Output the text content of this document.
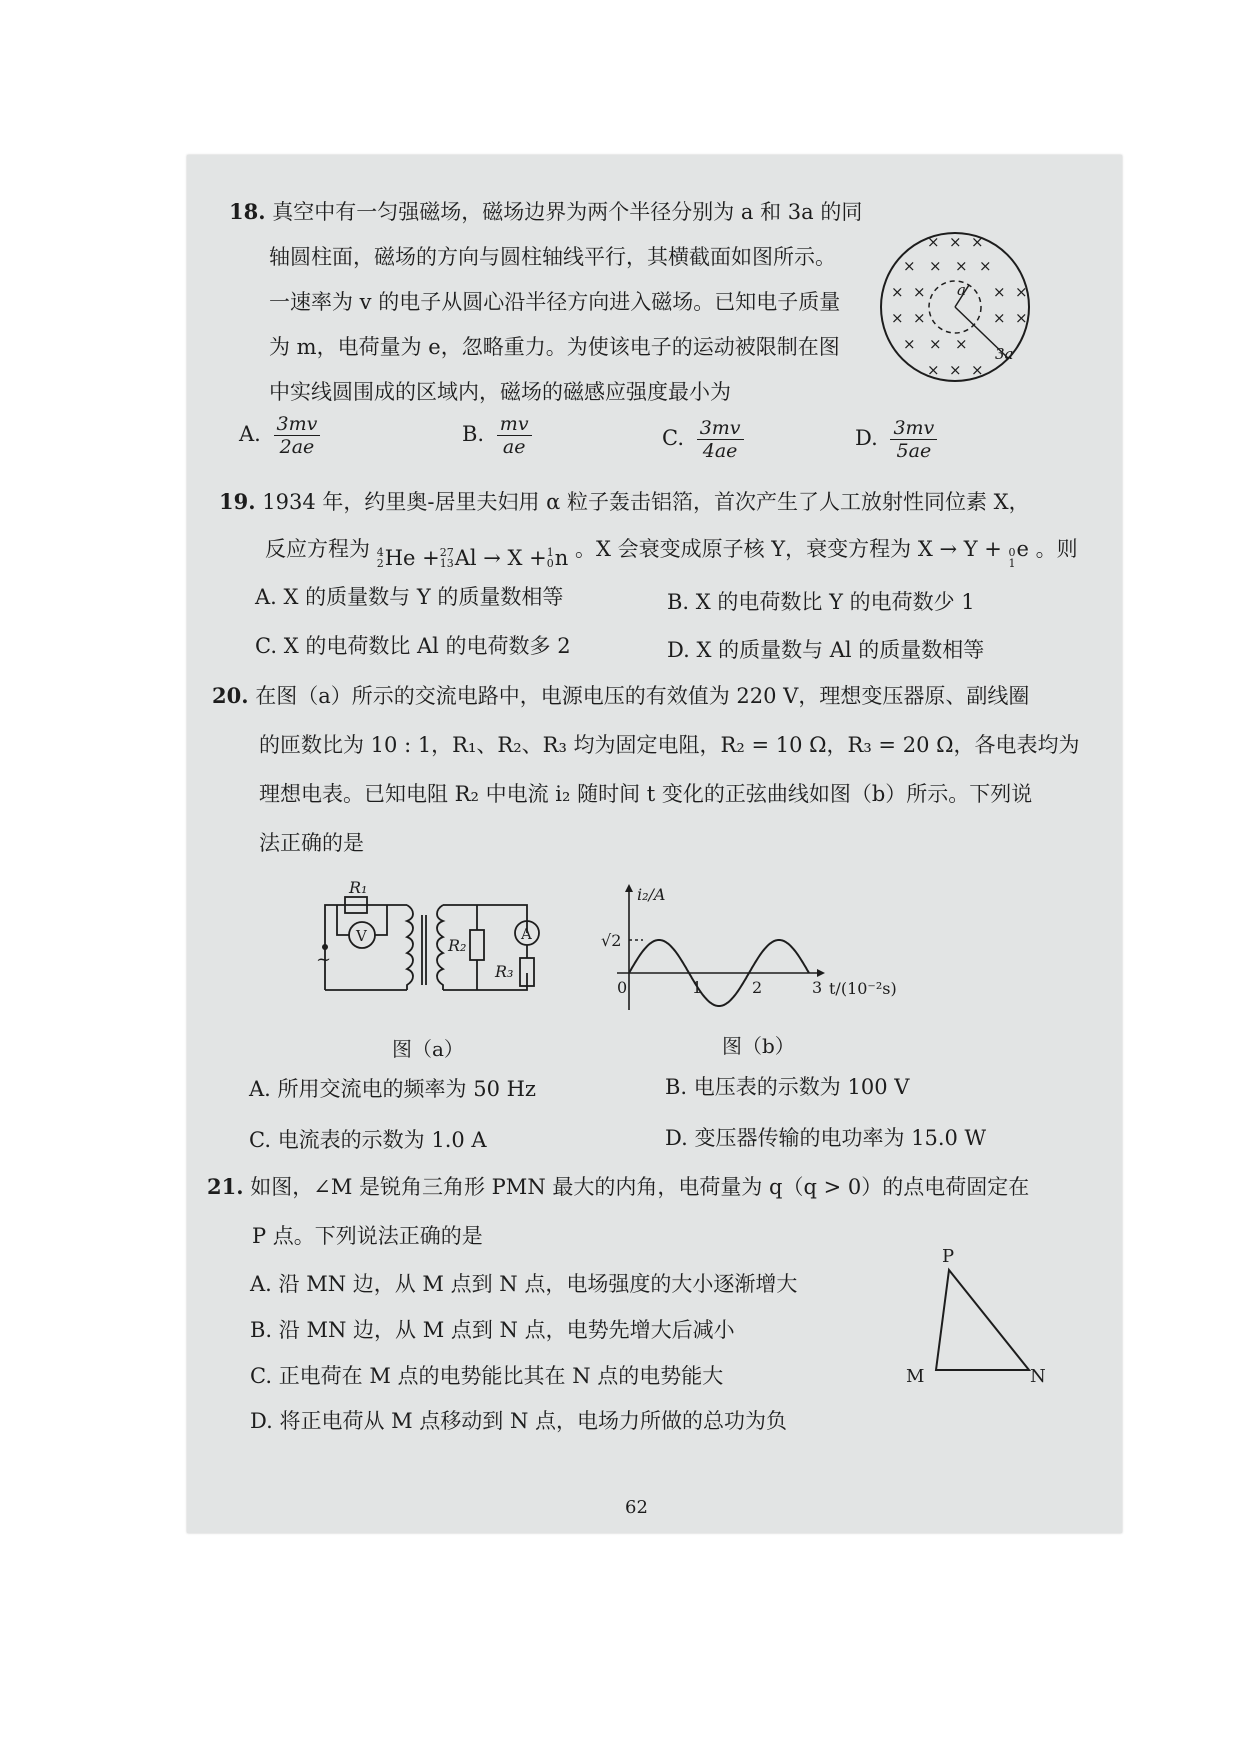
18. 真空中有一匀强磁场，磁场边界为两个半径分别为 a 和 3a 的同
轴圆柱面，磁场的方向与圆柱轴线平行，其横截面如图所示。
一速率为 v 的电子从圆心沿半径方向进入磁场。已知电子质量
为 m，电荷量为 e，忽略重力。为使该电子的运动被限制在图
中实线圆围成的区域内，磁场的磁感应强度最小为
× × ×
× × × ×
× ×	× ×
× ×	× ×
× × ×
× × ×
a
3a
A. $\frac{3mv}{2ae}$	B. $\frac{mv}{ae}$	C. $\frac{3mv}{4ae}$	D. $\frac{3mv}{5ae}$
19. 1934 年，约里奥-居里夫妇用 α 粒子轰击铝箔，首次产生了人工放射性同位素 X，
反应方程为 4
2 He + 27
13 Al → X + 1
0 n 。X 会衰变成原子核 Y，衰变方程为 X → Y + 0
1
e 。则
A. X 的质量数与 Y 的质量数相等	B. X 的电荷数比 Y 的电荷数少 1
C. X 的电荷数比 Al 的电荷数多 2	D. X 的质量数与 Al 的质量数相等
20. 在图（a）所示的交流电路中，电源电压的有效值为 220 V，理想变压器原、副线圈
的匝数比为 10 : 1，R₁、R₂、R₃ 均为固定电阻，R₂ = 10 Ω，R₃ = 20 Ω，各电表均为
理想电表。已知电阻 R₂ 中电流 i₂ 随时间 t 变化的正弦曲线如图（b）所示。下列说
法正确的是
~
R₁
V	R₂
A
R₃
图（a）
0	1	2	3
√2
i₂/A
t/(10⁻²s)
图（b）
A. 所用交流电的频率为 50 Hz	B. 电压表的示数为 100 V
C. 电流表的示数为 1.0 A	D. 变压器传输的电功率为 15.0 W
21. 如图，∠M 是锐角三角形 PMN 最大的内角，电荷量为 q（q > 0）的点电荷固定在
P 点。下列说法正确的是
A. 沿 MN 边，从 M 点到 N 点，电场强度的大小逐渐增大
B. 沿 MN 边，从 M 点到 N 点，电势先增大后减小
C. 正电荷在 M 点的电势能比其在 N 点的电势能大
D. 将正电荷从 M 点移动到 N 点，电场力所做的总功为负
P
M	N
62
